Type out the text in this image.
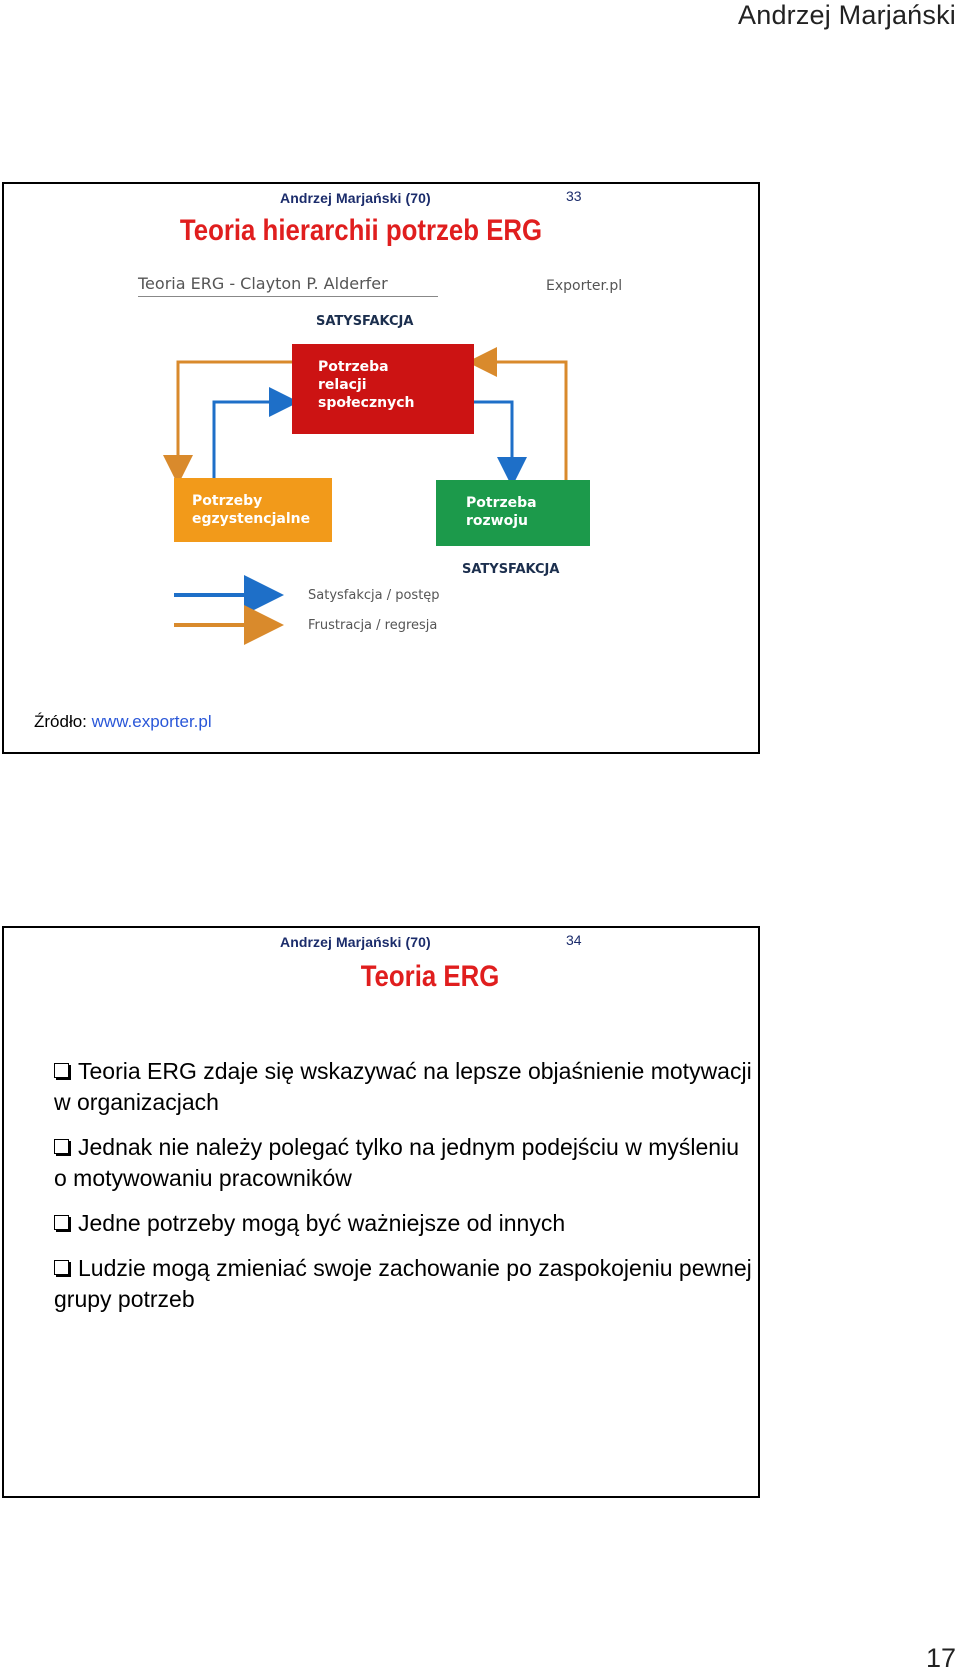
Andrzej Marjański
Andrzej Marjański (70)	33
Teoria hierarchii potrzeb ERG
Teoria ERG - Clayton P. Alderfer	Exporter.pl
SATYSFAKCJA
SATYSFAKCJA
Potrzeba
relacji
społecznych
Potrzeby
egzystencjalne
Potrzeba
rozwoju
Satysfakcja / postęp
Frustracja / regresja
Źródło: www.exporter.pl
Andrzej Marjański (70)	34
Teoria ERG
Teoria ERG zdaje się wskazywać na lepsze objaśnienie motywacji w organizacjach
Jednak nie należy polegać tylko na jednym podejściu w myśleniu o motywowaniu pracowników
Jedne potrzeby mogą być ważniejsze od innych
Ludzie mogą zmieniać swoje zachowanie po zaspokojeniu pewnej grupy potrzeb
17
